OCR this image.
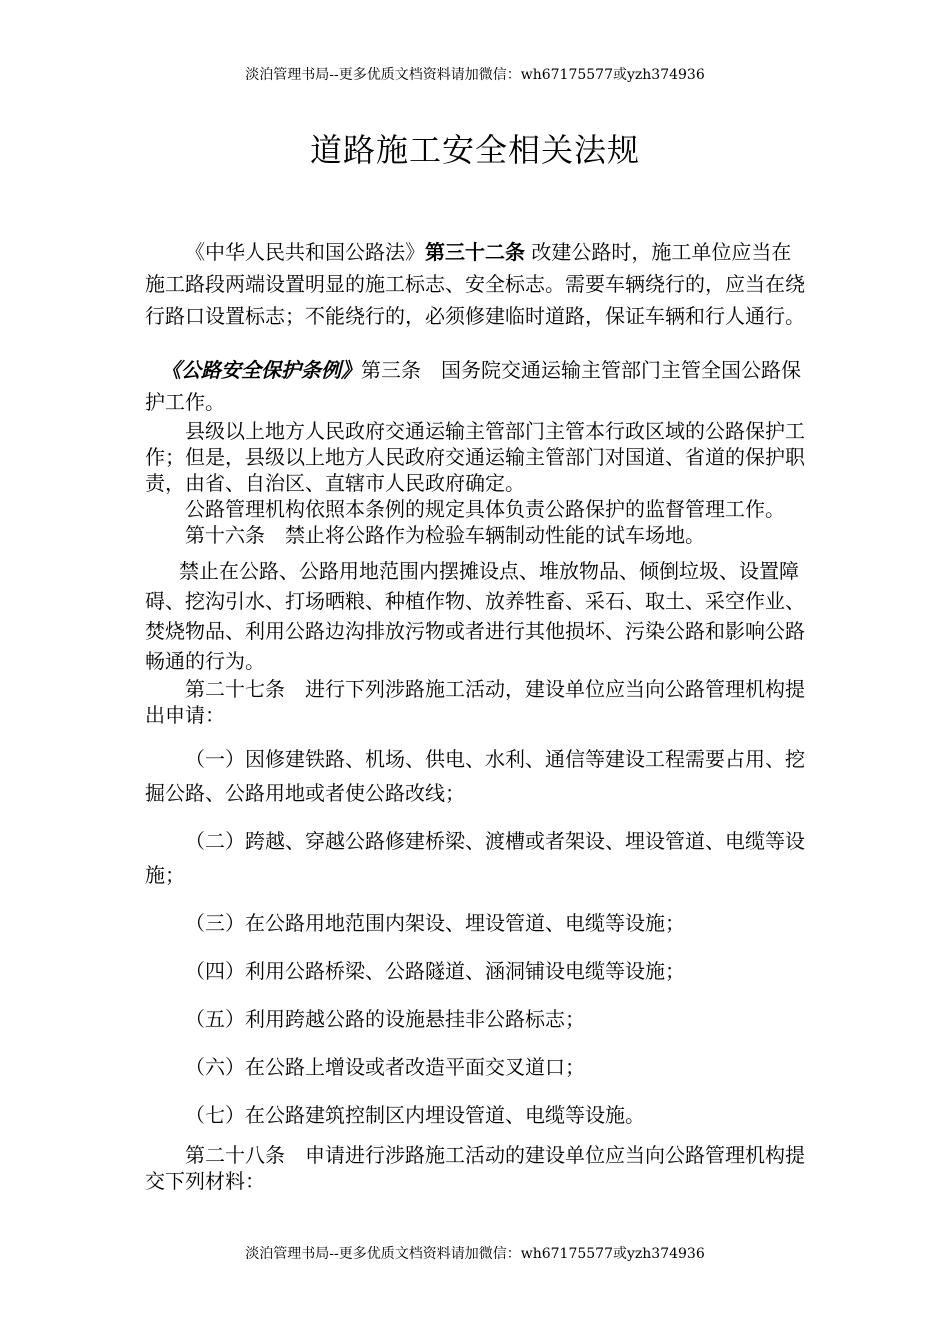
淡泊管理书局--更多优质文档资料请加微信：wh67175577或yzh374936
道路施工安全相关法规

《中华人民共和国公路法》第三十二条 改建公路时，施工单位应当在施工路段两端设置明显的施工标志、安全标志。需要车辆绕行的，应当在绕行路口设置标志；不能绕行的，必须修建临时道路，保证车辆和行人通行。

《公路安全保护条例》第三条　国务院交通运输主管部门主管全国公路保护工作。

县级以上地方人民政府交通运输主管部门主管本行政区域的公路保护工作；但是，县级以上地方人民政府交通运输主管部门对国道、省道的保护职责，由省、自治区、直辖市人民政府确定。

公路管理机构依照本条例的规定具体负责公路保护的监督管理工作。

第十六条　禁止将公路作为检验车辆制动性能的试车场地。

禁止在公路、公路用地范围内摆摊设点、堆放物品、倾倒垃圾、设置障碍、挖沟引水、打场晒粮、种植作物、放养牲畜、采石、取土、采空作业、焚烧物品、利用公路边沟排放污物或者进行其他损坏、污染公路和影响公路畅通的行为。

第二十七条　进行下列涉路施工活动，建设单位应当向公路管理机构提出申请：

（一）因修建铁路、机场、供电、水利、通信等建设工程需要占用、挖掘公路、公路用地或者使公路改线；

（二）跨越、穿越公路修建桥梁、渡槽或者架设、埋设管道、电缆等设施；

（三）在公路用地范围内架设、埋设管道、电缆等设施；

（四）利用公路桥梁、公路隧道、涵洞铺设电缆等设施；

（五）利用跨越公路的设施悬挂非公路标志；

（六）在公路上增设或者改造平面交叉道口；

（七）在公路建筑控制区内埋设管道、电缆等设施。

第二十八条　申请进行涉路施工活动的建设单位应当向公路管理机构提交下列材料：

淡泊管理书局--更多优质文档资料请加微信：wh67175577或yzh374936
